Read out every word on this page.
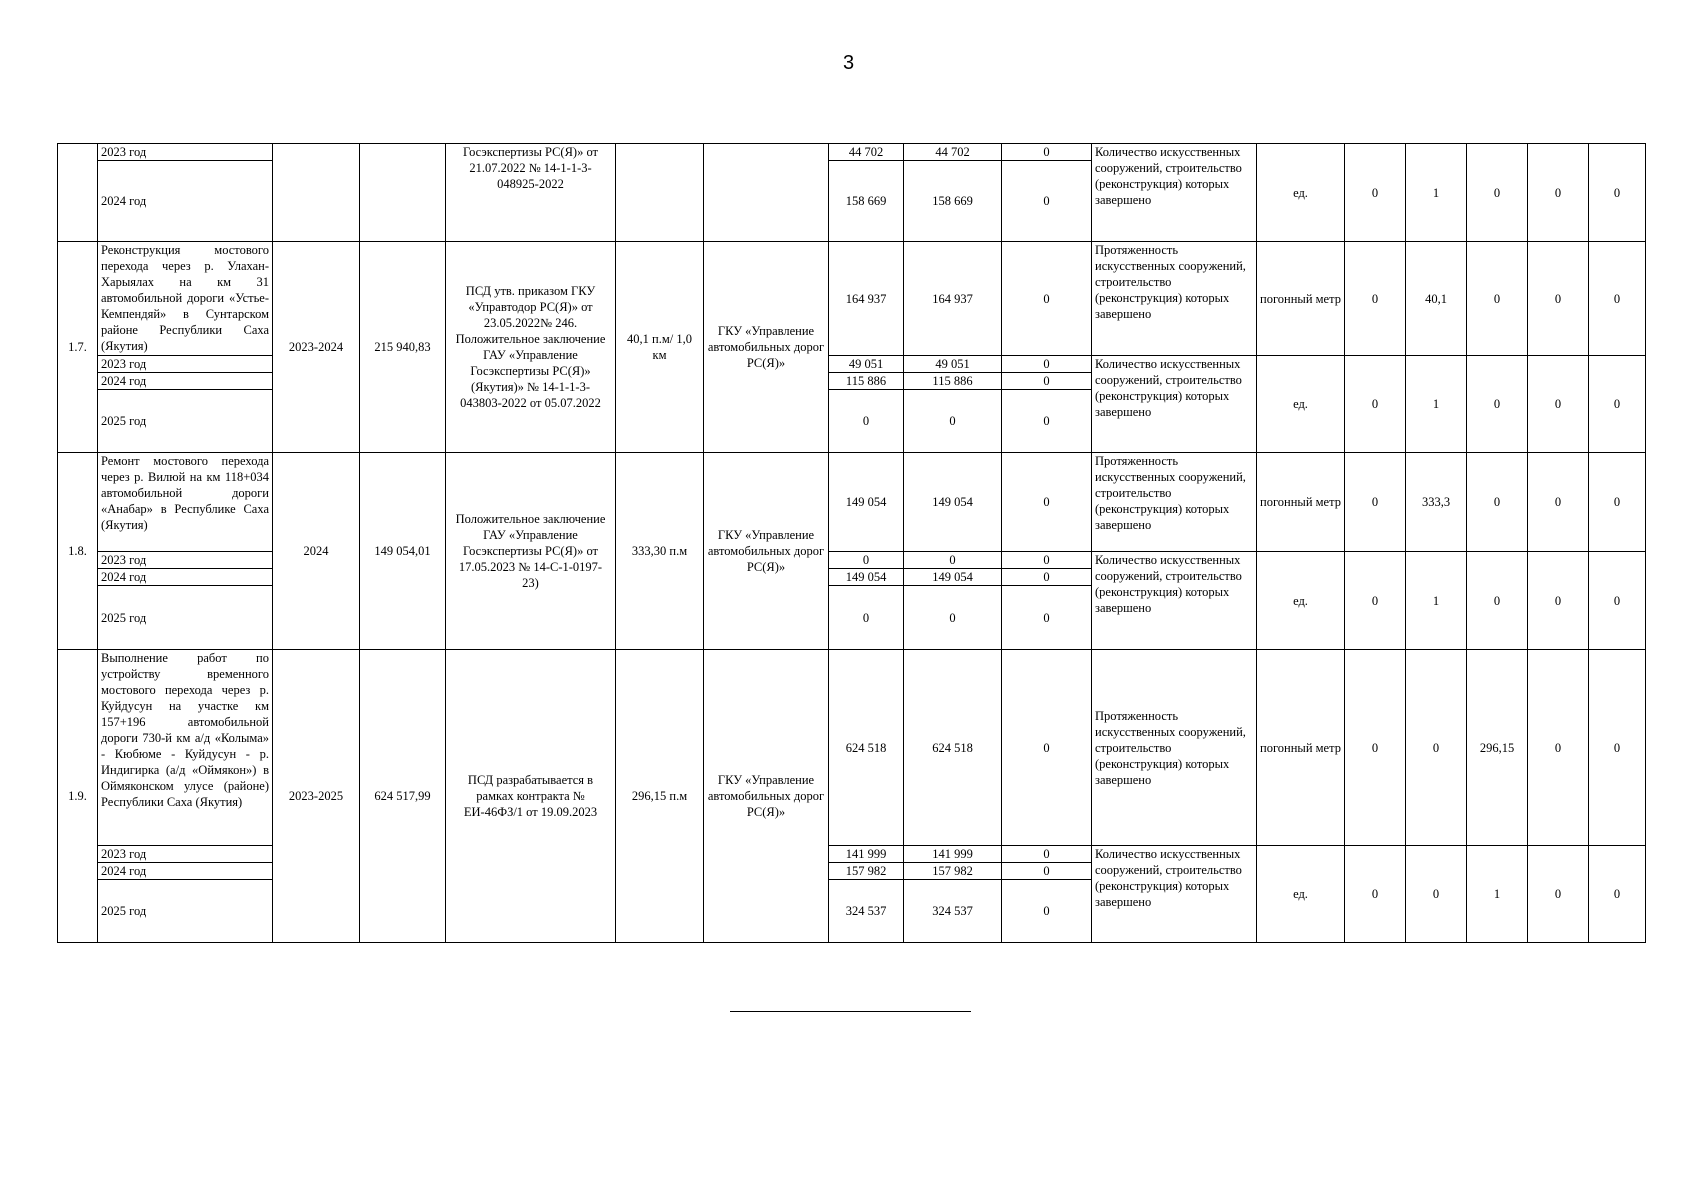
3
	2023 год			Госэкспертизы РС(Я)» от 21.07.2022 № 14-1-1-3-048925-2022			44 702	44 702	0	Количество искусственных сооружений, строительство (реконструкция) которых завершено	ед.	0	1	0	0	0
	2024 год						158 669	158 669	0							
1.7.	Реконструкция мостового перехода через р. Улахан-Харыялах на км 31 автомобильной дороги «Устье-Кемпендяй» в Сунтарском районе Республики Саха (Якутия)	2023-2024	215 940,83	ПСД утв. приказом ГКУ «Управтодор РС(Я)» от 23.05.2022№ 246. Положительное заключение ГАУ «Управление Госэкспертизы РС(Я)» (Якутия)» № 14-1-1-3-043803-2022 от 05.07.2022	40,1 п.м/ 1,0 км	ГКУ «Управление автомобильных дорог РС(Я)»	164 937	164 937	0	Протяженность искусственных сооружений, строительство (реконструкция) которых завершено	погонный метр	0	40,1	0	0	0
	2023 год						49 051	49 051	0	Количество искусственных сооружений, строительство (реконструкция) которых завершено	ед.	0	1	0	0	0
	2024 год						115 886	115 886	0							
	2025 год						0	0	0							
1.8.	Ремонт мостового перехода через р. Вилюй на км 118+034 автомобильной дороги «Анабар» в Республике Саха (Якутия)	2024	149 054,01	Положительное заключение ГАУ «Управление Госэкспертизы РС(Я)» от 17.05.2023 № 14-С-1-0197-23)	333,30 п.м	ГКУ «Управление автомобильных дорог РС(Я)»	149 054	149 054	0	Протяженность искусственных сооружений, строительство (реконструкция) которых завершено	погонный метр	0	333,3	0	0	0
	2023 год						0	0	0	Количество искусственных сооружений, строительство (реконструкция) которых завершено	ед.	0	1	0	0	0
	2024 год						149 054	149 054	0							
	2025 год						0	0	0							
1.9.	Выполнение работ по устройству временного мостового перехода через р. Куйдусун на участке км 157+196 автомобильной дороги 730-й км а/д «Колыма» - Кюбюме - Куйдусун - р. Индигирка (а/д «Оймякон») в Оймяконском улусе (районе) Республики Саха (Якутия)	2023-2025	624 517,99	ПСД разрабатывается в рамках контракта № ЕИ-46ФЗ/1 от 19.09.2023	296,15 п.м	ГКУ «Управление автомобильных дорог РС(Я)»	624 518	624 518	0	Протяженность искусственных сооружений, строительство (реконструкция) которых завершено	погонный метр	0	0	296,15	0	0
	2023 год						141 999	141 999	0	Количество искусственных сооружений, строительство (реконструкция) которых завершено	ед.	0	0	1	0	0
	2024 год						157 982	157 982	0							
	2025 год						324 537	324 537	0							
